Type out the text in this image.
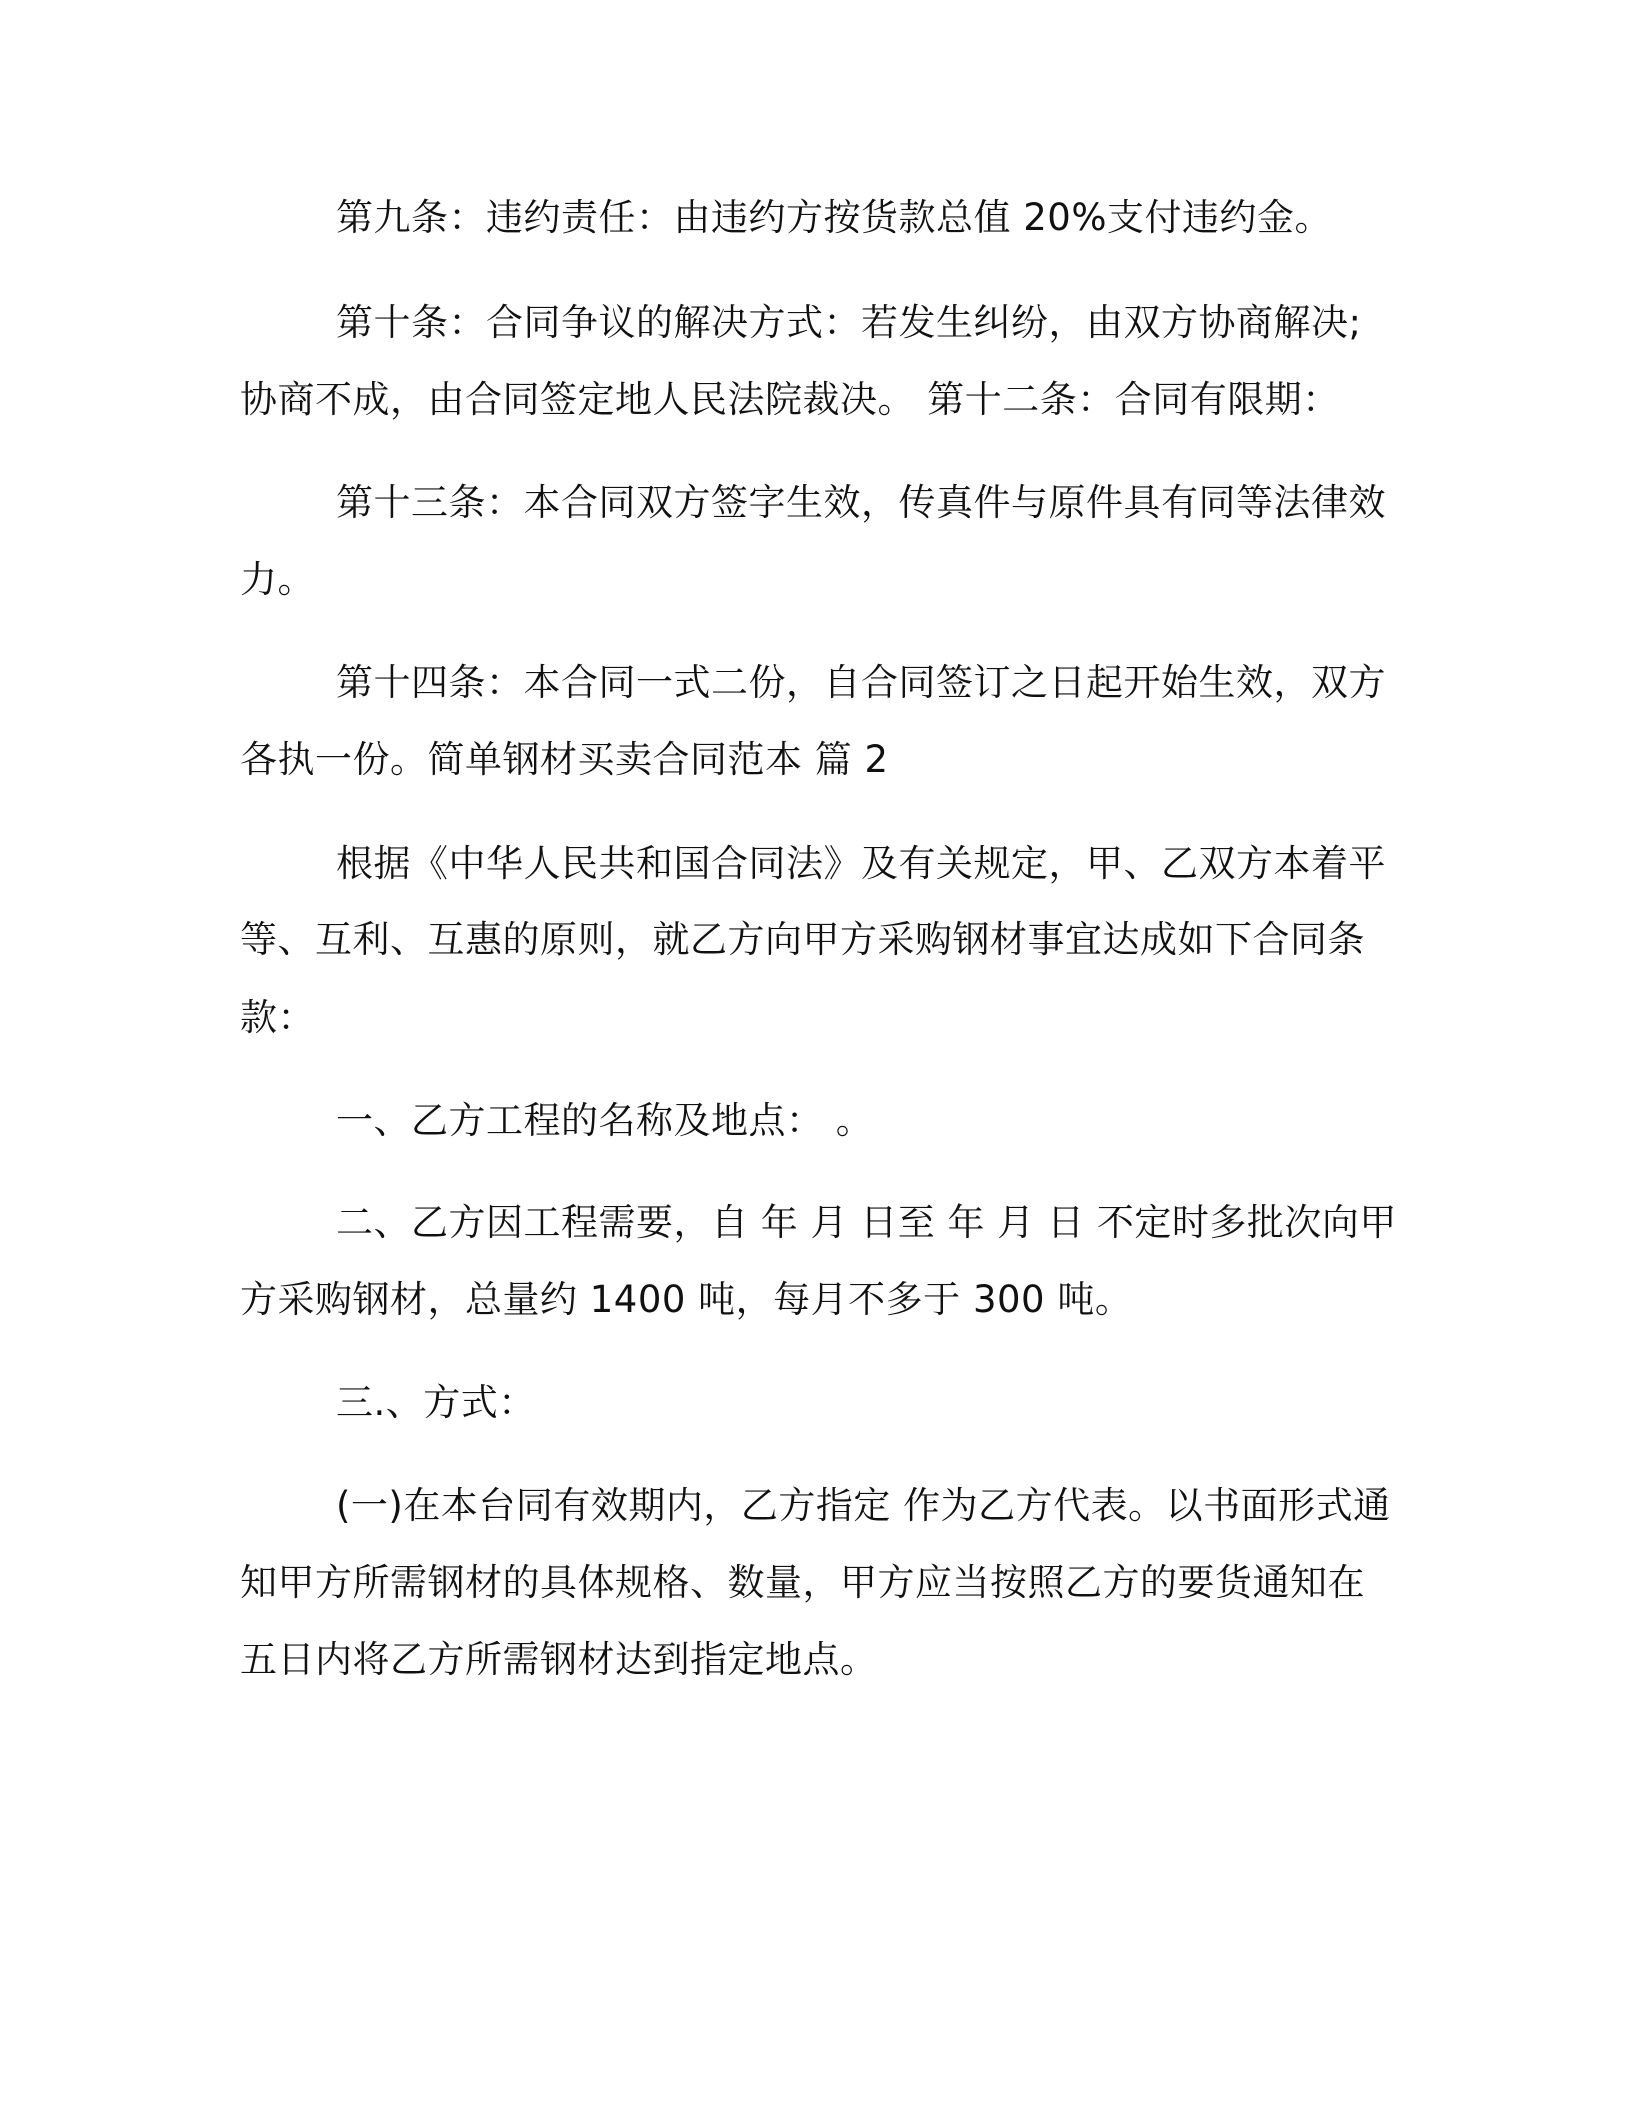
第九条：违约责任：由违约方按货款总值 20%支付违约金。
第十条：合同争议的解决方式：若发生纠纷，由双方协商解决;
协商不成，由合同签定地人民法院裁决。 第十二条：合同有限期：
第十三条：本合同双方签字生效，传真件与原件具有同等法律效
力。
第十四条：本合同一式二份，自合同签订之日起开始生效，双方
各执一份。简单钢材买卖合同范本 篇 2
根据《中华人民共和国合同法》及有关规定，甲、乙双方本着平
等、互利、互惠的原则，就乙方向甲方采购钢材事宜达成如下合同条
款：
一、乙方工程的名称及地点： 。
二、乙方因工程需要，自 年 月 日至 年 月 日 不定时多批次向甲
方采购钢材，总量约 1400 吨，每月不多于 300 吨。
三.、方式：
(一)在本台同有效期内，乙方指定 作为乙方代表。以书面形式通
知甲方所需钢材的具体规格、数量，甲方应当按照乙方的要货通知在
五日内将乙方所需钢材达到指定地点。
